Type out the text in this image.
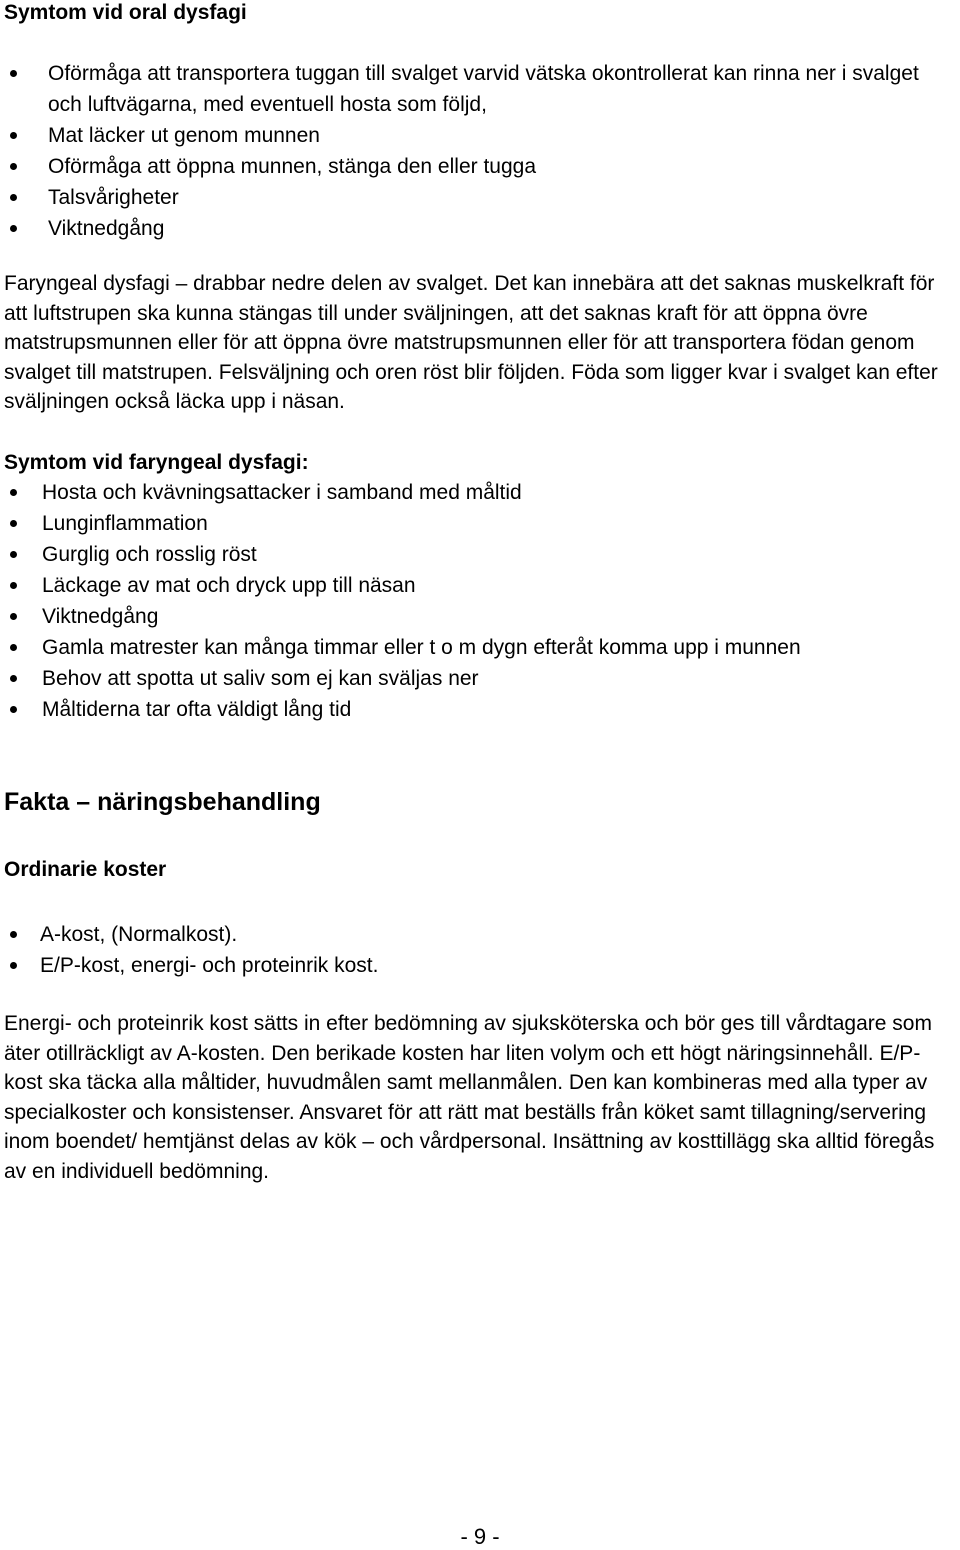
Symtom vid oral dysfagi
Oförmåga att transportera tuggan till svalget varvid vätska okontrollerat kan rinna ner i svalget och luftvägarna, med eventuell hosta som följd,
Mat läcker ut genom munnen
Oförmåga att öppna munnen, stänga den eller tugga
Talsvårigheter
Viktnedgång

Faryngeal dysfagi – drabbar nedre delen av svalget. Det kan innebära att det saknas muskelkraft för att luftstrupen ska kunna stängas till under sväljningen, att det saknas kraft för att öppna övre matstrupsmunnen eller för att öppna övre matstrupsmunnen eller för att transportera födan genom svalget till matstrupen. Felsväljning och oren röst blir följden. Föda som ligger kvar i svalget kan efter sväljningen också läcka upp i näsan.

Symtom vid faryngeal dysfagi:
Hosta och kvävningsattacker i samband med måltid
Lunginflammation
Gurglig och rosslig röst
Läckage av mat och dryck upp till näsan
Viktnedgång
Gamla matrester kan många timmar eller t o m dygn efteråt komma upp i munnen
Behov att spotta ut saliv som ej kan sväljas ner
Måltiderna tar ofta väldigt lång tid
Fakta – näringsbehandling
Ordinarie koster
A-kost, (Normalkost).
E/P-kost, energi- och proteinrik kost.

Energi- och proteinrik kost sätts in efter bedömning av sjuksköterska och bör ges till vårdtagare som äter otillräckligt av A-kosten. Den berikade kosten har liten volym och ett högt näringsinnehåll. E/P-kost ska täcka alla måltider, huvudmålen samt mellanmålen. Den kan kombineras med alla typer av specialkoster och konsistenser. Ansvaret för att rätt mat beställs från köket samt tillagning/servering inom boendet/ hemtjänst delas av kök – och vårdpersonal. Insättning av kosttillägg ska alltid föregås av en individuell bedömning.

- 9 -
